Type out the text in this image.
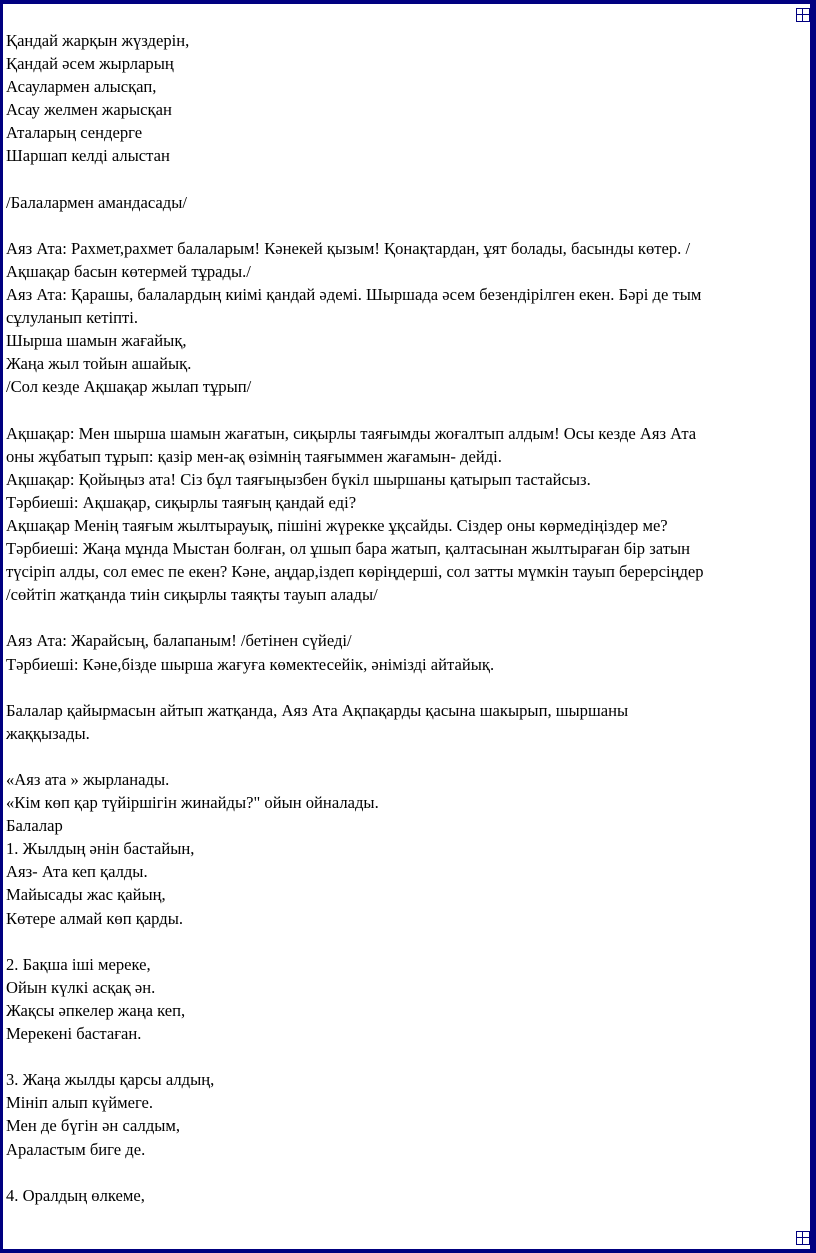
Қандай жарқын жүздерін,
Қандай әсем жырларың
Асаулармен алысқап,
Асау желмен жарысқан
Аталарың сендерге
Шаршап келді алыстан
/Балалармен амандасады/
Аяз Ата: Рахмет,рахмет балаларым! Кәнекей қызым! Қонақтардан, ұят болады, басынды көтер. /
Ақшақар басын көтермей тұрады./
Аяз Ата: Қарашы, балалардың киімі қандай әдемі. Шыршада әсем безендірілген екен. Бәрі де тым
сұлуланып кетіпті.
Шырша шамын жағайық,
Жаңа жыл тойын ашайық.
/Сол кезде Ақшақар жылап тұрып/
Ақшақар: Мен шырша шамын жағатын, сиқырлы таяғымды жоғалтып алдым! Осы кезде Аяз Ата
оны жұбатып тұрып: қазір мен-ақ өзімнің таяғыммен жағамын- дейді.
Ақшақар: Қойыңыз ата! Сіз бұл таяғыңызбен бүкіл шыршаны қатырып тастайсыз.
Тәрбиеші: Ақшақар, сиқырлы таяғың қандай еді?
Ақшақар Менің таяғым жылтырауық, пішіні жүрекке ұқсайды. Сіздер оны көрмедіңіздер ме?
Тәрбиеші: Жаңа мұнда Мыстан болған, ол ұшып бара жатып, қалтасынан жылтыраған бір затын
түсіріп алды, сол емес пе екен? Кәне, аңдар,іздеп көріңдерші, сол затты мүмкін тауып берерсіңдер
/сөйтіп жатқанда тиін сиқырлы таяқты тауып алады/
Аяз Ата: Жарайсың, балапаным! /бетінен сүйеді/
Тәрбиеші: Кәне,бізде шырша жағуға көмектесейік, әнімізді айтайық.
Балалар қайырмасын айтып жатқанда, Аяз Ата Ақпақарды қасына шакырып, шыршаны
жаққызады.
«Аяз ата » жырланады.
«Кім көп қар түйіршігін жинайды?" ойын ойналады.
Балалар
1. Жылдың әнін бастайын,
Аяз- Ата кеп қалды.
Майысады жас қайың,
Көтере алмай көп қарды.
2. Бақша іші мереке,
Ойын күлкі асқақ ән.
Жақсы әпкелер жаңа кеп,
Мерекені бастаған.
3. Жаңа жылды қарсы алдың,
Мініп алып күймеге.
Мен де бүгін ән салдым,
Араластым биге де.
4. Оралдың өлкеме,
